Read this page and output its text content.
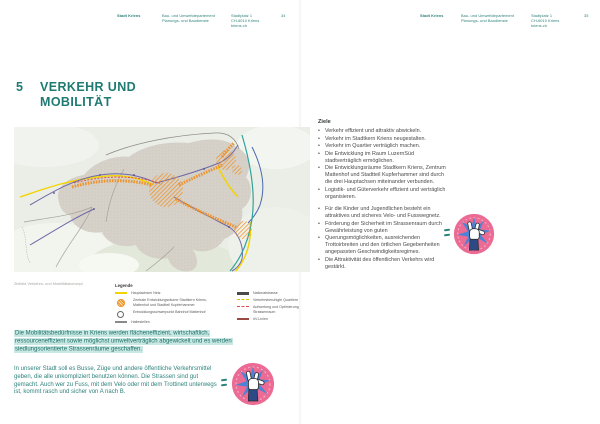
Stadt Kriens	Bau- und Umweltdepartement
Planungs- und Baudienste
Stadtplatz 1
CH-6010 Kriens
kriens.ch
34	Stadt Kriens	Bau- und Umweltdepartement
Planungs- und Baudienste
Stadtplatz 1
CH-6010 Kriens
kriens.ch
35
5 VERKEHR UND
MOBILITÄT
Zielbild Verkehrs- und Mobilitätskonzept	Legende
Hauptachsen Netz
Zentrale Entwicklungsräume Stadtkern Kriens, Mattenhof und Stadtteil Kupferhammer
Entwicklungsschwerpunkt Bahnhof Mattenhof
Haltestellen
Nationalstrasse
Verkehrsberuhigte Quartiere
Aufwertung und Optimierung Strassenraum
öV-Linien
Die Mobilitätsbedürfnisse in Kriens werden flächeneffizient, wirtschaftlich, ressourceneffizient sowie möglichst umweltverträglich abgewickelt und es werden siedlungsorientierte Strassenräume geschaffen.
In unserer Stadt soll es Busse, Züge und andere öffentliche Verkehrsmittel geben, die alle unkompliziert benutzen können. Die Strassen sind gut gemacht. Auch wer zu Fuss, mit dem Velo oder mit dem Trottinett unterwegs ist, kommt rasch und sicher von A nach B.
Ziele
• Verkehr effizient und attraktiv abwickeln.
• Verkehr im Stadtkern Kriens neugestalten.
• Verkehr im Quartier verträglich machen.
• Die Entwicklung im Raum LuzernSüd stadtverträglich ermöglichen.
• Die Entwicklungsräume Stadtkern Kriens, Zentrum Mattenhof und Stadtteil Kupferhammer sind durch die drei Hauptachsen miteinander verbunden.
• Logistik- und Güterverkehr effizient und verträglich organisieren.
• Für die Kinder und Jugendlichen besteht ein attraktives und sicheres Velo- und Fusswegnetz.
• Förderung der Sicherheit im Strassenraum durch Gewährleistung von guten
• Querungsmöglichkeiten, ausreichenden Trottoirbreiten und den örtlichen Gegebenheiten angepassten Geschwindigkeitsregimes.
• Die Attraktivität des öffentlichen Verkehrs wird gestärkt.
